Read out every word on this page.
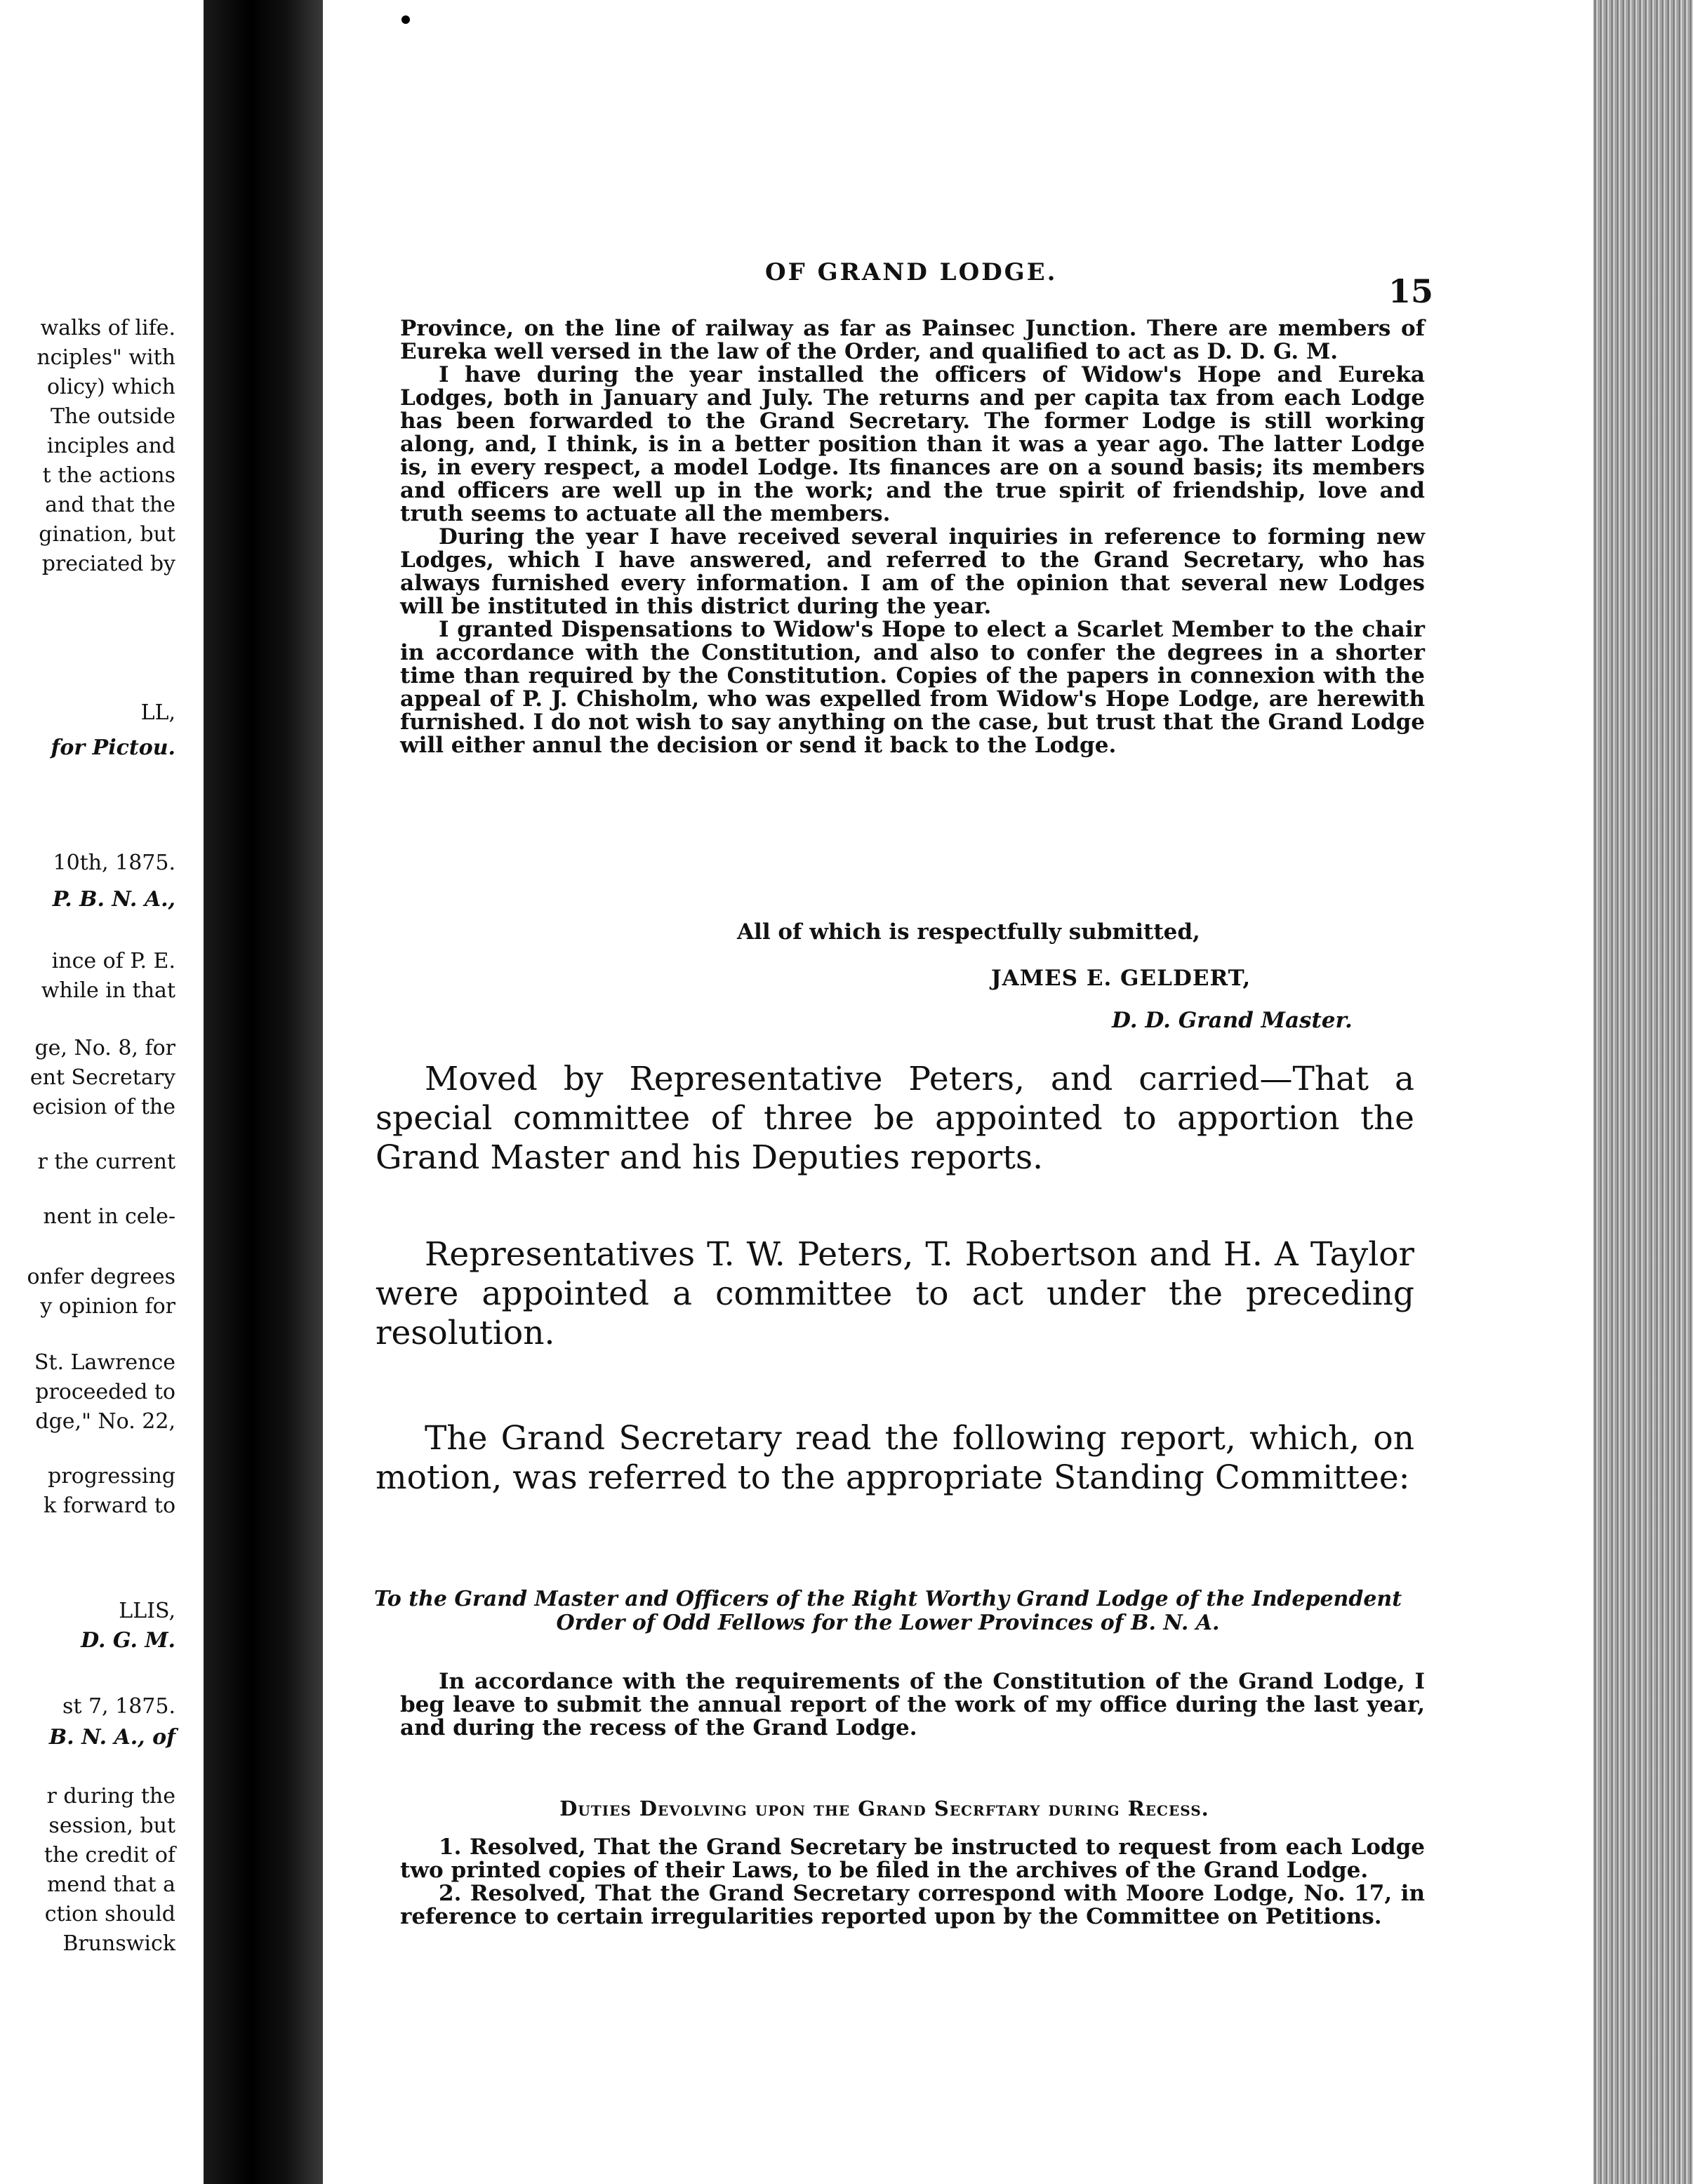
walks of life.
nciples" with
olicy) which
The outside
inciples and
t the actions
and that the
gination, but
preciated by
LL,
for Pictou.
10th, 1875.
P. B. N. A.,
ince of P. E.
while in that
ge, No. 8, for
ent Secretary
ecision of the
r the current
nent in cele-
onfer degrees
y opinion for
St. Lawrence
proceeded to
dge," No. 22,
progressing
k forward to
LLIS,
D. G. M.
st 7, 1875.
B. N. A., of
r during the
session, but
the credit of
mend that a
ction should
Brunswick
OF GRAND LODGE.	15

Province, on the line of railway as far as Painsec Junction. There are members of Eureka well versed in the law of the Order, and qualified to act as D. D. G. M.

I have during the year installed the officers of Widow's Hope and Eureka Lodges, both in January and July. The returns and per capita tax from each Lodge has been forwarded to the Grand Secretary. The former Lodge is still working along, and, I think, is in a better position than it was a year ago. The latter Lodge is, in every respect, a model Lodge. Its finances are on a sound basis; its members and officers are well up in the work; and the true spirit of friendship, love and truth seems to actuate all the members.

During the year I have received several inquiries in reference to forming new Lodges, which I have answered, and referred to the Grand Secretary, who has always furnished every information. I am of the opinion that several new Lodges will be instituted in this district during the year.

I granted Dispensations to Widow's Hope to elect a Scarlet Member to the chair in accordance with the Constitution, and also to confer the degrees in a shorter time than required by the Constitution. Copies of the papers in connexion with the appeal of P. J. Chisholm, who was expelled from Widow's Hope Lodge, are herewith furnished. I do not wish to say anything on the case, but trust that the Grand Lodge will either annul the decision or send it back to the Lodge.

All of which is respectfully submitted,
JAMES E. GELDERT,
D. D. Grand Master.

Moved by Representative Peters, and carried—That a special committee of three be appointed to apportion the Grand Master and his Deputies reports.

Representatives T. W. Peters, T. Robertson and H. A Taylor were appointed a committee to act under the preceding resolution.

The Grand Secretary read the following report, which, on motion, was referred to the appropriate Standing Committee:

To the Grand Master and Officers of the Right Worthy Grand Lodge of the Independent Order of Odd Fellows for the Lower Provinces of B. N. A.

In accordance with the requirements of the Constitution of the Grand Lodge, I beg leave to submit the annual report of the work of my office during the last year, and during the recess of the Grand Lodge.

Duties Devolving upon the Grand Secrftary during Recess.

1. Resolved, That the Grand Secretary be instructed to request from each Lodge two printed copies of their Laws, to be filed in the archives of the Grand Lodge.

2. Resolved, That the Grand Secretary correspond with Moore Lodge, No. 17, in reference to certain irregularities reported upon by the Committee on Petitions.
